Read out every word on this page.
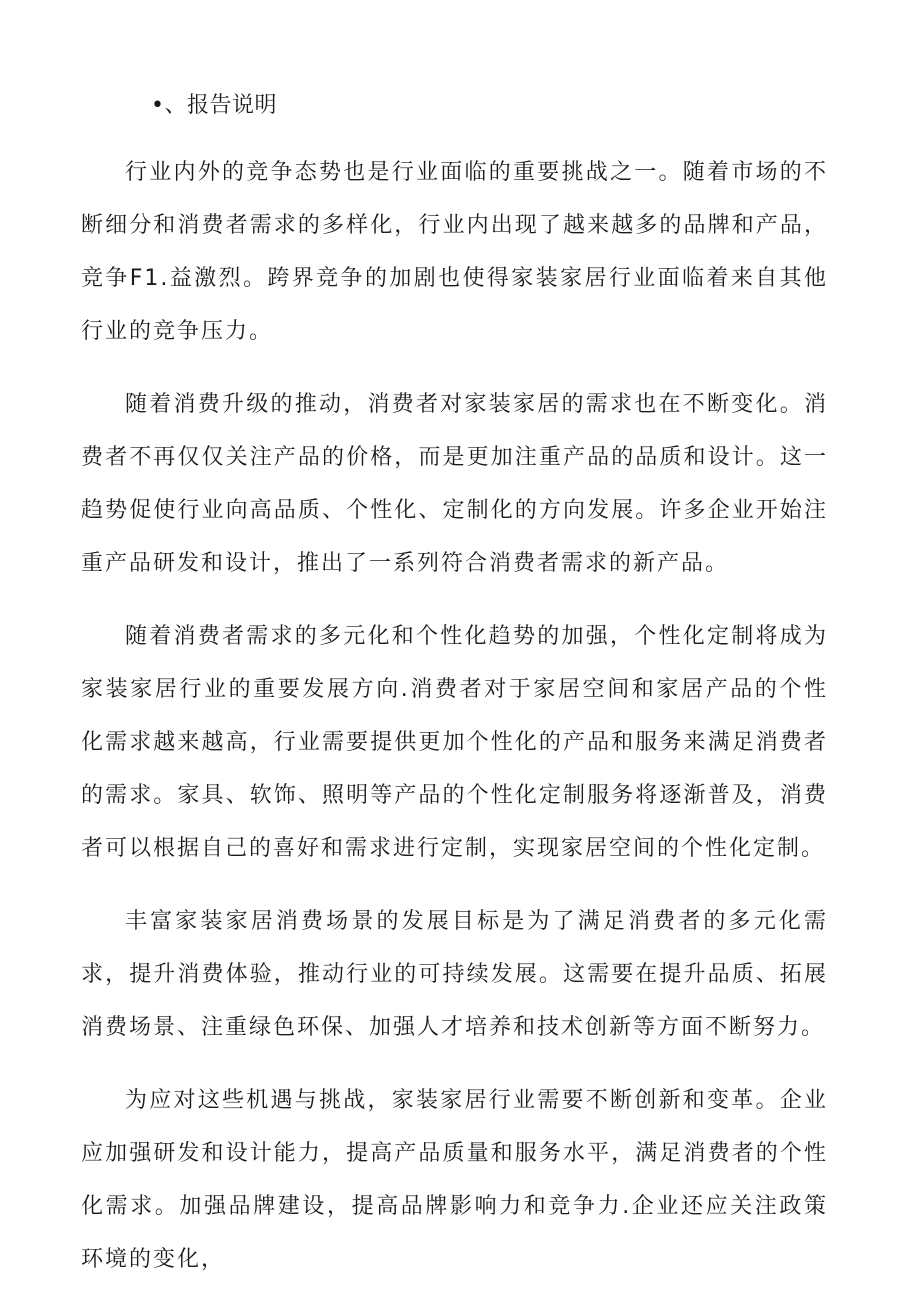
•、报告说明

行业内外的竞争态势也是行业面临的重要挑战之一。随着市场的不断细分和消费者需求的多样化，行业内出现了越来越多的品牌和产品，竞争F1.益激烈。跨界竞争的加剧也使得家装家居行业面临着来自其他行业的竞争压力。

随着消费升级的推动，消费者对家装家居的需求也在不断变化。消费者不再仅仅关注产品的价格，而是更加注重产品的品质和设计。这一趋势促使行业向高品质、个性化、定制化的方向发展。许多企业开始注重产品研发和设计，推出了一系列符合消费者需求的新产品。

随着消费者需求的多元化和个性化趋势的加强，个性化定制将成为家装家居行业的重要发展方向.消费者对于家居空间和家居产品的个性化需求越来越高，行业需要提供更加个性化的产品和服务来满足消费者的需求。家具、软饰、照明等产品的个性化定制服务将逐渐普及，消费者可以根据自己的喜好和需求进行定制，实现家居空间的个性化定制。

丰富家装家居消费场景的发展目标是为了满足消费者的多元化需求，提升消费体验，推动行业的可持续发展。这需要在提升品质、拓展消费场景、注重绿色环保、加强人才培养和技术创新等方面不断努力。

为应对这些机遇与挑战，家装家居行业需要不断创新和变革。企业应加强研发和设计能力，提高产品质量和服务水平，满足消费者的个性化需求。加强品牌建设，提高品牌影响力和竞争力.企业还应关注政策环境的变化，
